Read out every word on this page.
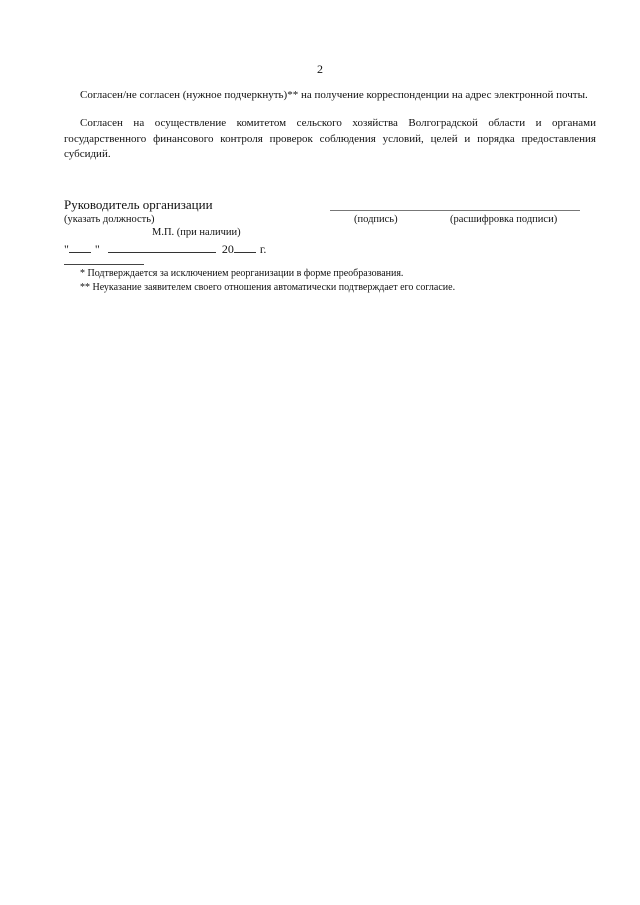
2
Согласен/не согласен (нужное подчеркнуть)** на получение корреспонденции на адрес электронной почты.
Согласен на осуществление комитетом сельского хозяйства Волгоградской области и органами государственного финансового контроля проверок соблюдения условий, целей и порядка предоставления субсидий.
Руководитель организации
(указать должность)	(подпись)	(расшифровка подписи)
М.П. (при наличии)
" "	20 г.
* Подтверждается за исключением реорганизации в форме преобразования.
** Неуказание заявителем своего отношения автоматически подтверждает его согласие.
